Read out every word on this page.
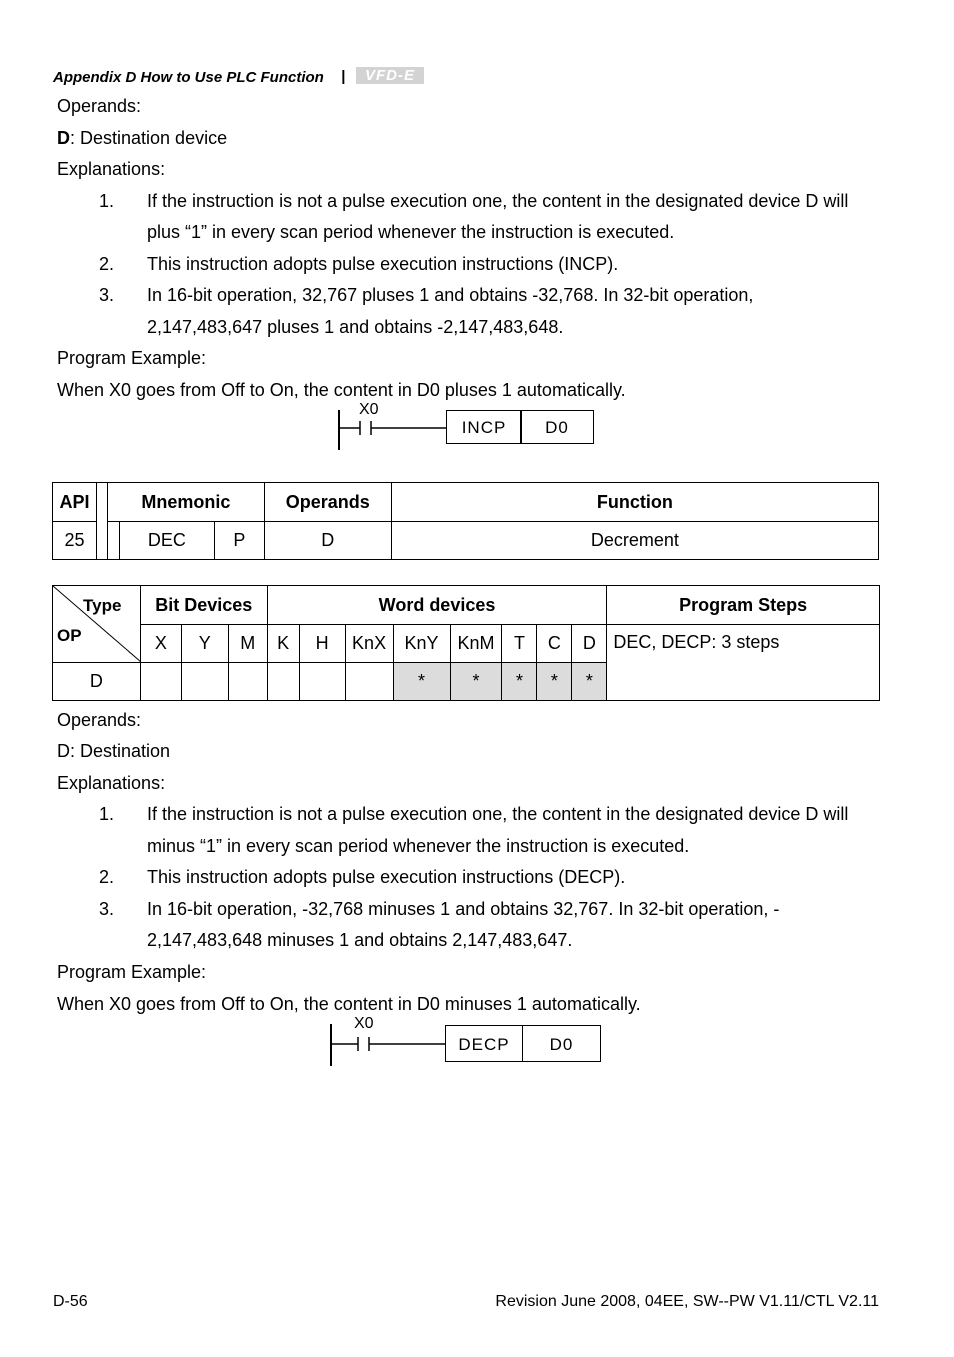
Appendix D How to Use PLC Function |	VFD-E
Operands:
D: Destination device
Explanations:
1. If the instruction is not a pulse execution one, the content in the designated device D will
plus “1” in every scan period whenever the instruction is executed.
2. This instruction adopts pulse execution instructions (INCP).
3. In 16-bit operation, 32,767 pluses 1 and obtains -32,768. In 32-bit operation,
2,147,483,647 pluses 1 and obtains -2,147,483,648.
Program Example:
When X0 goes from Off to On, the content in D0 pluses 1 automatically.
X0
INCP	D0
API		Mnemonic			Operands	Function
25			DEC	P	D	Decrement
Type
OP	Bit Devices			Word devices								Program Steps
	X	Y	M	K	H	KnX	KnY	KnM	T	C	D	DEC, DECP: 3 steps
D							*	*	*	*	*	
Operands:
D: Destination
Explanations:
1. If the instruction is not a pulse execution one, the content in the designated device D will
minus “1” in every scan period whenever the instruction is executed.
2. This instruction adopts pulse execution instructions (DECP).
3. In 16-bit operation, -32,768 minuses 1 and obtains 32,767. In 32-bit operation, -
2,147,483,648 minuses 1 and obtains 2,147,483,647.
Program Example:
When X0 goes from Off to On, the content in D0 minuses 1 automatically.
X0
DECP	D0
D-56	Revision June 2008, 04EE, SW--PW V1.11/CTL V2.11
